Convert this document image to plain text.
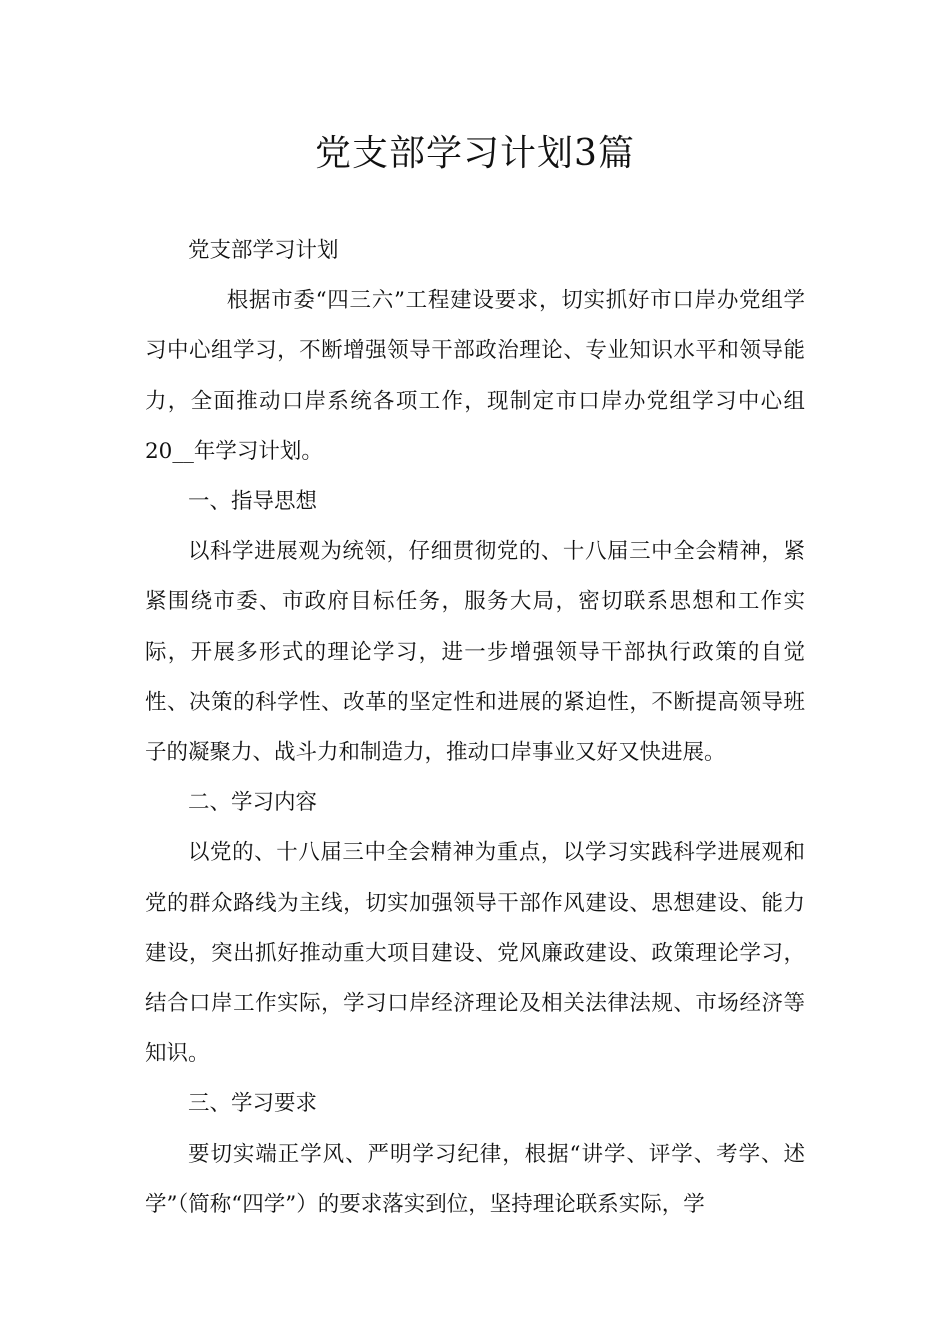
党支部学习计划3篇

党支部学习计划

根据市委“四三六”工程建设要求，切实抓好市口岸办党组学习中心组学习，不断增强领导干部政治理论、专业知识水平和领导能力，全面推动口岸系统各项工作，现制定市口岸办党组学习中心组20__年学习计划。

一、指导思想

以科学进展观为统领，仔细贯彻党的、十八届三中全会精神，紧紧围绕市委、市政府目标任务，服务大局，密切联系思想和工作实际，开展多形式的理论学习，进一步增强领导干部执行政策的自觉性、决策的科学性、改革的坚定性和进展的紧迫性，不断提高领导班子的凝聚力、战斗力和制造力，推动口岸事业又好又快进展。

二、学习内容

以党的、十八届三中全会精神为重点，以学习实践科学进展观和党的群众路线为主线，切实加强领导干部作风建设、思想建设、能力建设，突出抓好推动重大项目建设、党风廉政建设、政策理论学习，结合口岸工作实际，学习口岸经济理论及相关法律法规、市场经济等知识。

三、学习要求

要切实端正学风、严明学习纪律，根据“讲学、评学、考学、述学”（简称“四学”）的要求落实到位，坚持理论联系实际，学
